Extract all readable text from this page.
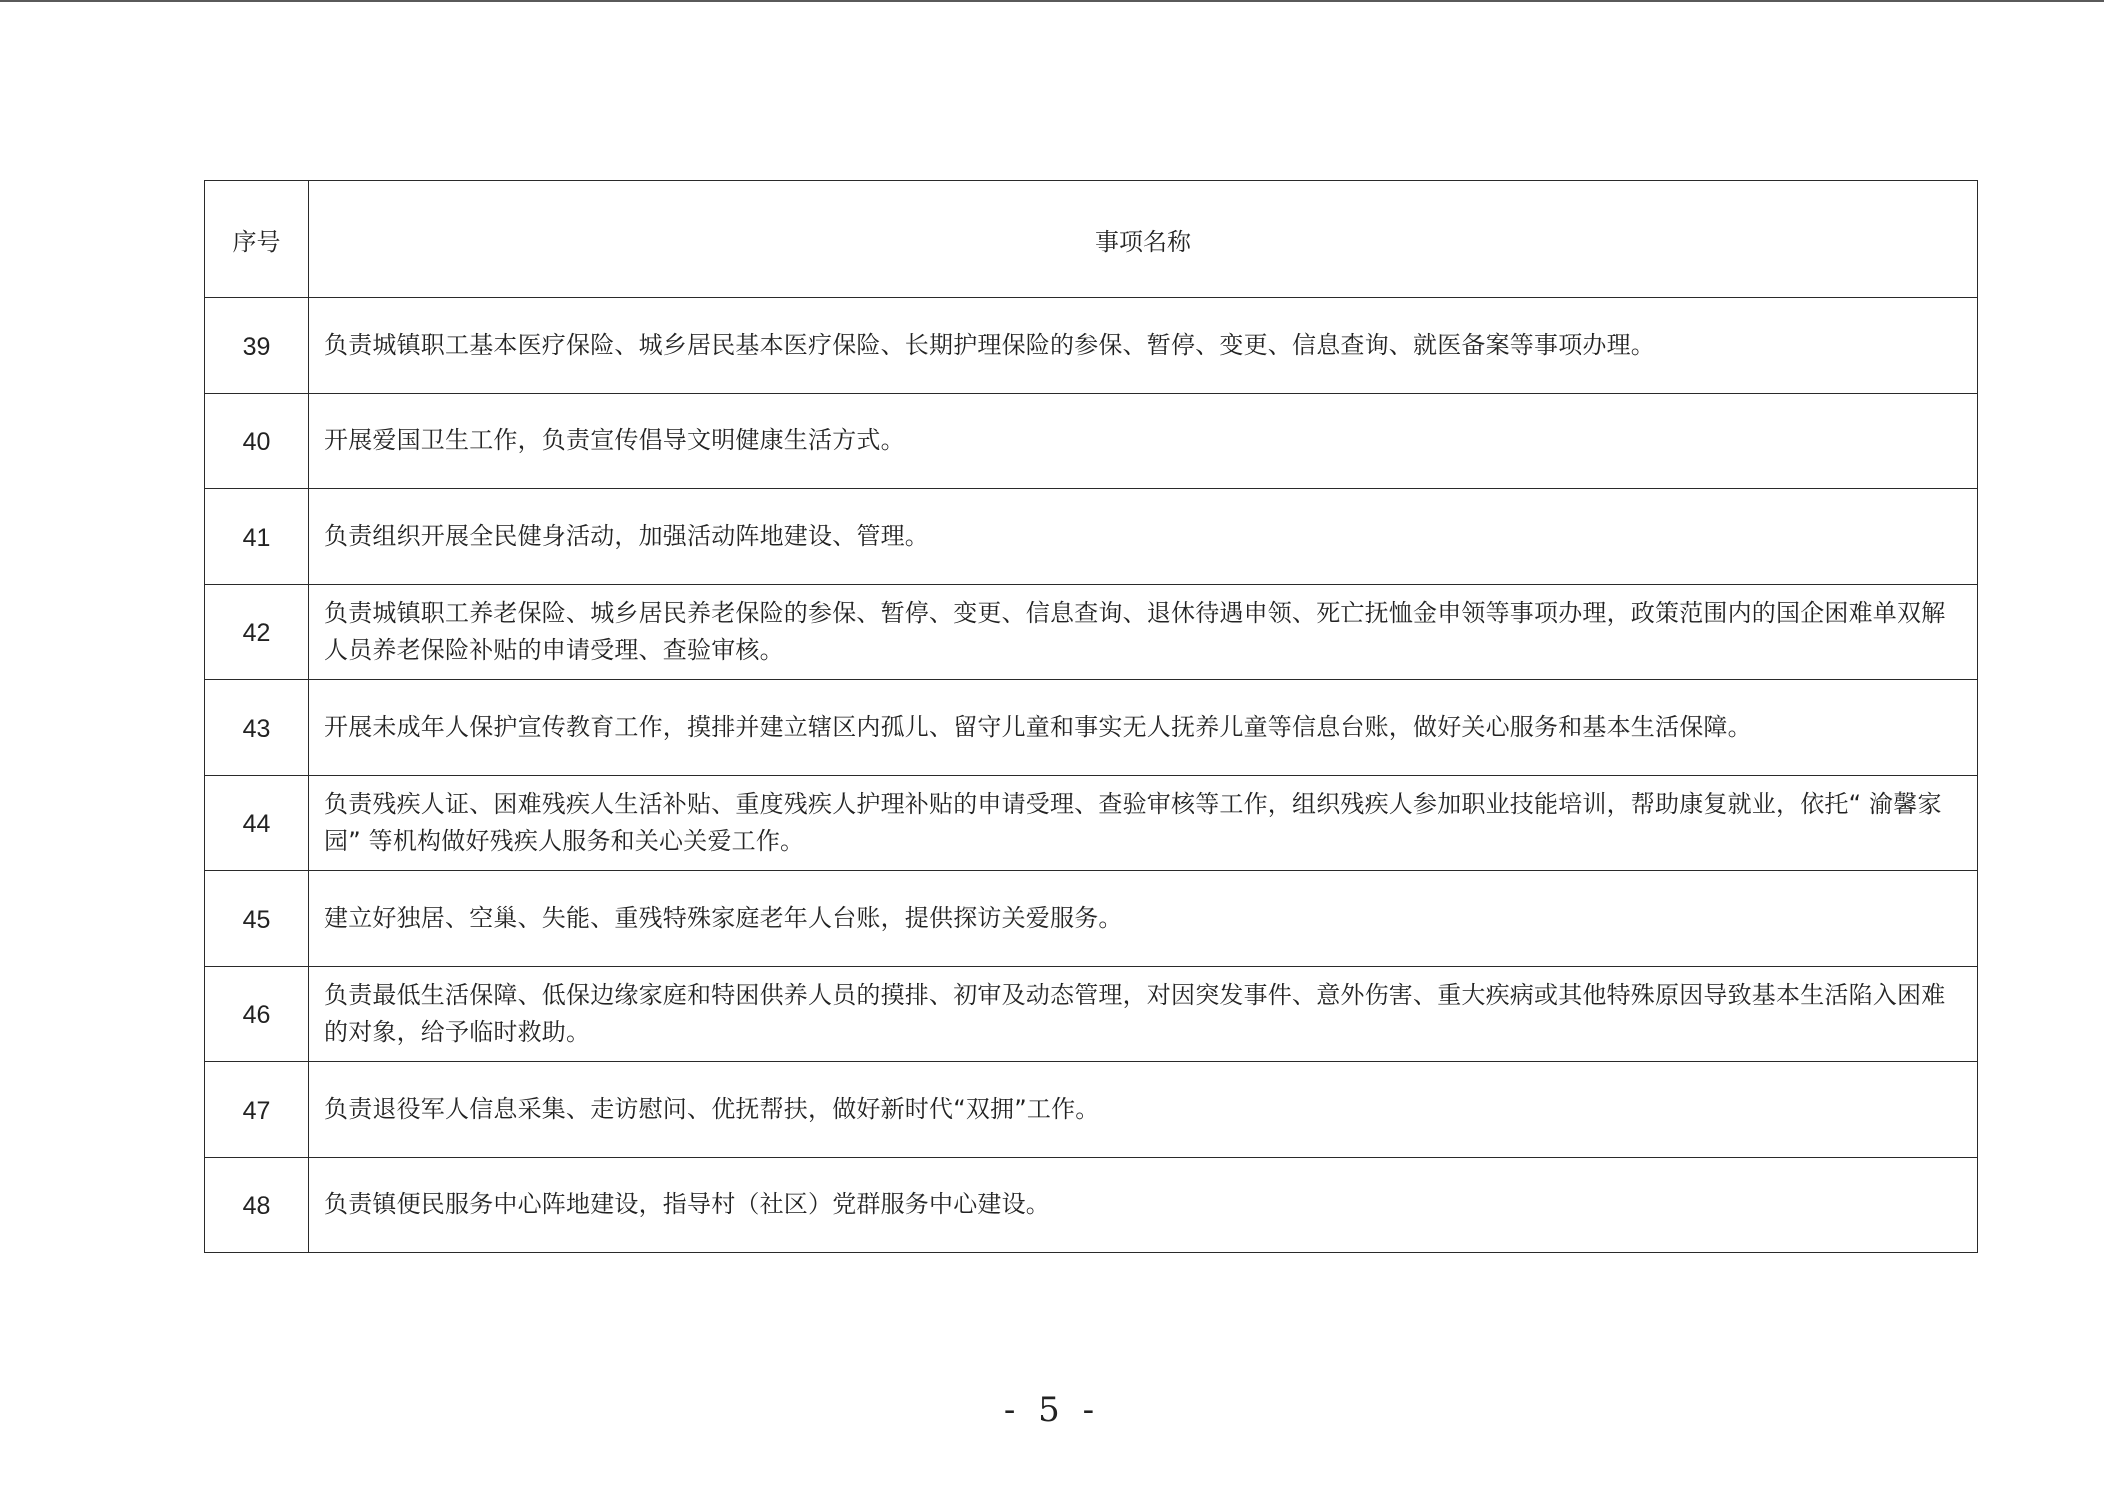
序号	事项名称
39	负责城镇职工基本医疗保险、城乡居民基本医疗保险、长期护理保险的参保、暂停、变更、信息查询、就医备案等事项办理。
40	开展爱国卫生工作，负责宣传倡导文明健康生活方式。
41	负责组织开展全民健身活动，加强活动阵地建设、管理。
42	负责城镇职工养老保险、城乡居民养老保险的参保、暂停、变更、信息查询、退休待遇申领、死亡抚恤金申领等事项办理，政策范围内的国企困难单双解人员养老保险补贴的申请受理、查验审核。
43	开展未成年人保护宣传教育工作，摸排并建立辖区内孤儿、留守儿童和事实无人抚养儿童等信息台账，做好关心服务和基本生活保障。
44	负责残疾人证、困难残疾人生活补贴、重度残疾人护理补贴的申请受理、查验审核等工作，组织残疾人参加职业技能培训，帮助康复就业，依托“ 渝馨家园” 等机构做好残疾人服务和关心关爱工作。
45	建立好独居、空巢、失能、重残特殊家庭老年人台账，提供探访关爱服务。
46	负责最低生活保障、低保边缘家庭和特困供养人员的摸排、初审及动态管理，对因突发事件、意外伤害、重大疾病或其他特殊原因导致基本生活陷入困难的对象，给予临时救助。
47	负责退役军人信息采集、走访慰问、优抚帮扶，做好新时代“双拥”工作。
48	负责镇便民服务中心阵地建设，指导村（社区）党群服务中心建设。
- 5 -
